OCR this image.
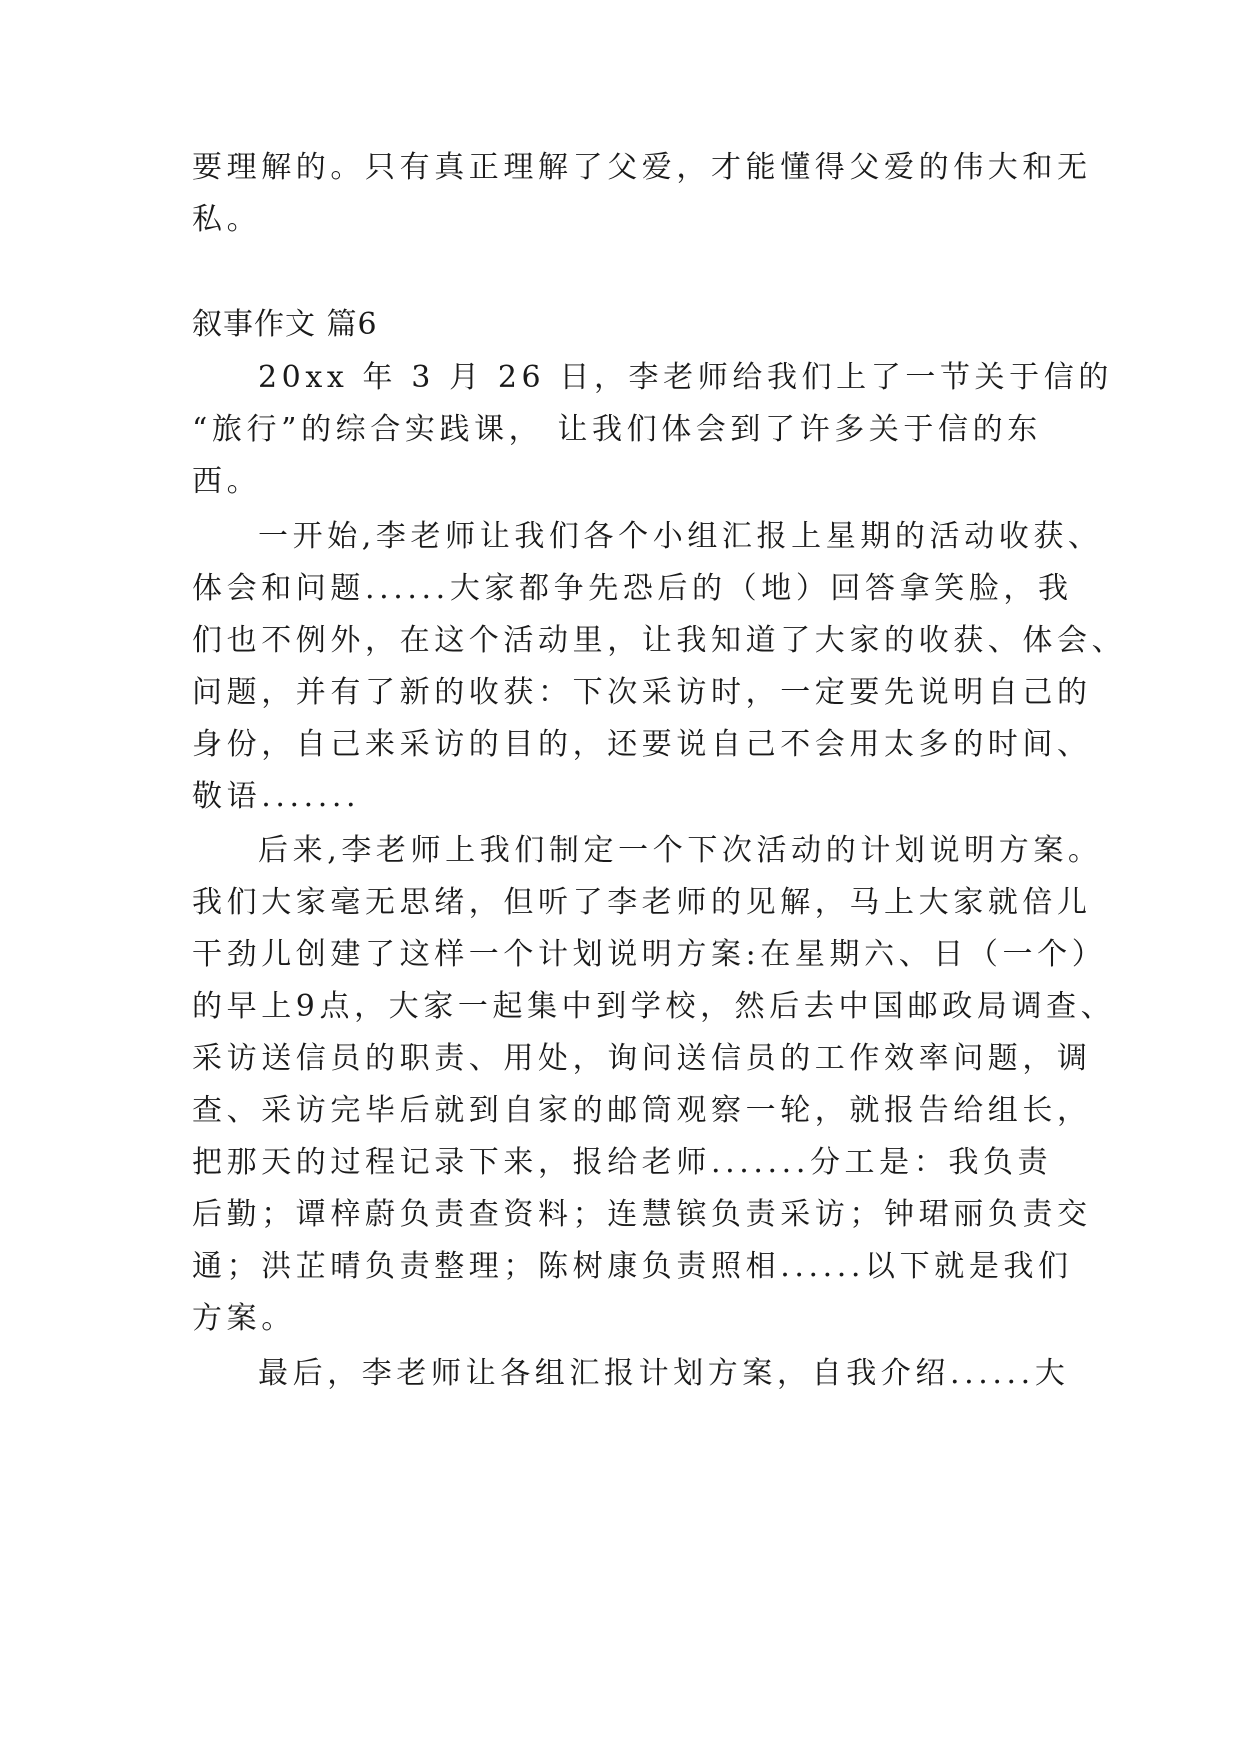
要理解的。只有真正理解了父爱，才能懂得父爱的伟大和无
私。
叙事作文 篇6
20xx 年 3 月 26 日，李老师给我们上了一节关于信的
“旅行”的综合实践课， 让我们体会到了许多关于信的东
西。
一开始,李老师让我们各个小组汇报上星期的活动收获、
体会和问题......大家都争先恐后的（地）回答拿笑脸，我
们也不例外，在这个活动里，让我知道了大家的收获、体会、
问题，并有了新的收获：下次采访时，一定要先说明自己的
身份，自己来采访的目的，还要说自己不会用太多的时间、
敬语.......
后来,李老师上我们制定一个下次活动的计划说明方案。
我们大家毫无思绪，但听了李老师的见解，马上大家就倍儿
干劲儿创建了这样一个计划说明方案:在星期六、日（一个）
的早上9点，大家一起集中到学校，然后去中国邮政局调查、
采访送信员的职责、用处，询问送信员的工作效率问题，调
查、采访完毕后就到自家的邮筒观察一轮，就报告给组长，
把那天的过程记录下来，报给老师.......分工是：我负责
后勤；谭梓蔚负责查资料；连慧镔负责采访；钟珺丽负责交
通；洪芷晴负责整理；陈树康负责照相......以下就是我们
方案。
最后，李老师让各组汇报计划方案，自我介绍......大
